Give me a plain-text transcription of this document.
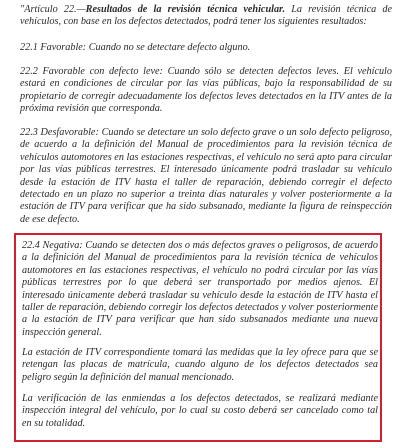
"Artículo 22.—Resultados de la revisión técnica vehicular. La revisión técnica de vehículos, con base en los defectos detectados, podrá tener los siguientes resultados:

22.1 Favorable: Cuando no se detectare defecto alguno.

22.2 Favorable con defecto leve: Cuando sólo se detecten defectos leves. El vehículo estará en condiciones de circular por las vías públicas, bajo la responsabilidad de su propietario de corregir adecuadamente los defectos leves detectados en la ITV antes de la próxima revisión que corresponda.

22.3 Desfavorable: Cuando se detectare un solo defecto grave o un solo defecto peligroso, de acuerdo a la definición del Manual de procedimientos para la revisión técnica de vehículos automotores en las estaciones respectivas, el vehículo no será apto para circular por las vías públicas terrestres. El interesado únicamente podrá trasladar su vehículo desde la estación de ITV hasta el taller de reparación, debiendo corregir el defecto detectado en un plazo no superior a treinta días naturales y volver posteriormente a la estación de ITV para verificar que ha sido subsanado, mediante la figura de reinspección de ese defecto.

22.4 Negativa: Cuando se detecten dos o más defectos graves o peligrosos, de acuerdo a la definición del Manual de procedimientos para la revisión técnica de vehículos automotores en las estaciones respectivas, el vehículo no podrá circular por las vías públicas terrestres por lo que deberá ser transportado por medios ajenos. El interesado únicamente deberá trasladar su vehículo desde la estación de ITV hasta el taller de reparación, debiendo corregir los defectos detectados y volver posteriormente a la estación de ITV para verificar que han sido subsanados mediante una nueva inspección general.

La estación de ITV correspondiente tomará las medidas que la ley ofrece para que se retengan las placas de matrícula, cuando alguno de los defectos detectados sea peligro según la definición del manual mencionado.

La verificación de las enmiendas a los defectos detectados, se realizará mediante inspección integral del vehículo, por lo cual su costo deberá ser cancelado como tal en su totalidad.
